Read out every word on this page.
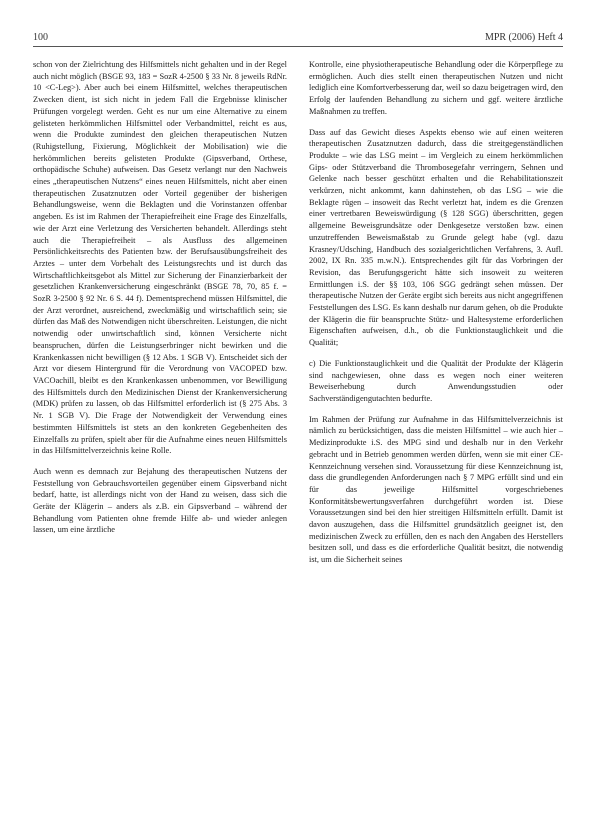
100	MPR (2006) Heft 4

schon von der Zielrichtung des Hilfsmittels nicht gehalten und in der Regel auch nicht möglich (BSGE 93, 183 = SozR 4-2500 § 33 Nr. 8 jeweils RdNr. 10 <C-Leg>). Aber auch bei einem Hilfsmittel, welches therapeutischen Zwecken dient, ist sich nicht in jedem Fall die Ergebnisse klinischer Prüfungen vorgelegt werden. Geht es nur um eine Alternative zu einem gelisteten herkömmlichen Hilfsmittel oder Verbandmittel, reicht es aus, wenn die Produkte zumindest den gleichen therapeutischen Nutzen (Ruhigstellung, Fixierung, Möglichkeit der Mobilisation) wie die herkömmlichen bereits gelisteten Produkte (Gipsverband, Orthese, orthopädische Schuhe) aufweisen. Das Gesetz verlangt nur den Nachweis eines „therapeutischen Nutzens“ eines neuen Hilfsmittels, nicht aber einen therapeutischen Zusatznutzen oder Vorteil gegenüber der bisherigen Behandlungsweise, wenn die Beklagten und die Vorinstanzen offenbar angeben. Es ist im Rahmen der Therapiefreiheit eine Frage des Einzelfalls, wie der Arzt eine Verletzung des Versicherten behandelt. Allerdings steht auch die Therapiefreiheit – als Ausfluss des allgemeinen Persönlichkeitsrechts des Patienten bzw. der Berufsausübungsfreiheit des Arztes – unter dem Vorbehalt des Leistungsrechts und ist durch das Wirtschaftlichkeitsgebot als Mittel zur Sicherung der Finanzierbarkeit der gesetzlichen Krankenversicherung eingeschränkt (BSGE 78, 70, 85 f. = SozR 3-2500 § 92 Nr. 6 S. 44 f). Dementsprechend müssen Hilfsmittel, die der Arzt verordnet, ausreichend, zweckmäßig und wirtschaftlich sein; sie dürfen das Maß des Notwendigen nicht überschreiten. Leistungen, die nicht notwendig oder unwirtschaftlich sind, können Versicherte nicht beanspruchen, dürfen die Leistungserbringer nicht bewirken und die Krankenkassen nicht bewilligen (§ 12 Abs. 1 SGB V). Entscheidet sich der Arzt vor diesem Hintergrund für die Verordnung von VACOPED bzw. VACOachill, bleibt es den Krankenkassen unbenommen, vor Bewilligung des Hilfsmittels durch den Medizinischen Dienst der Krankenversicherung (MDK) prüfen zu lassen, ob das Hilfsmittel erforderlich ist (§ 275 Abs. 3 Nr. 1 SGB V). Die Frage der Notwendigkeit der Verwendung eines bestimmten Hilfsmittels ist stets an den konkreten Gegebenheiten des Einzelfalls zu prüfen, spielt aber für die Aufnahme eines neuen Hilfsmittels in das Hilfsmittelverzeichnis keine Rolle.

Auch wenn es demnach zur Bejahung des therapeutischen Nutzens der Feststellung von Gebrauchsvorteilen gegenüber einem Gipsverband nicht bedarf, hatte, ist allerdings nicht von der Hand zu weisen, dass sich die Geräte der Klägerin – anders als z.B. ein Gipsverband – während der Behandlung vom Patienten ohne fremde Hilfe ab- und wieder anlegen lassen, um eine ärztliche

Kontrolle, eine physiotherapeutische Behandlung oder die Körperpflege zu ermöglichen. Auch dies stellt einen therapeutischen Nutzen und nicht lediglich eine Komfortverbesserung dar, weil so dazu beigetragen wird, den Erfolg der laufenden Behandlung zu sichern und ggf. weitere ärztliche Maßnahmen zu treffen.

Dass auf das Gewicht dieses Aspekts ebenso wie auf einen weiteren therapeutischen Zusatznutzen dadurch, dass die streitgegenständlichen Produkte – wie das LSG meint – im Vergleich zu einem herkömmlichen Gips- oder Stützverband die Thrombosegefahr verringern, Sehnen und Gelenke nach besser geschützt erhalten und die Rehabilitationszeit verkürzen, nicht ankommt, kann dahinstehen, ob das LSG – wie die Beklagte rügen – insoweit das Recht verletzt hat, indem es die Grenzen einer vertretbaren Beweiswürdigung (§ 128 SGG) überschritten, gegen allgemeine Beweisgrundsätze oder Denkgesetze verstoßen bzw. einen unzutreffenden Beweismaßstab zu Grunde gelegt habe (vgl. dazu Krasney/Udsching, Handbuch des sozialgerichtlichen Verfahrens, 3. Aufl. 2002, IX Rn. 335 m.w.N.). Entsprechendes gilt für das Vorbringen der Revision, das Berufungsgericht hätte sich insoweit zu weiteren Ermittlungen i.S. der §§ 103, 106 SGG gedrängt sehen müssen. Der therapeutische Nutzen der Geräte ergibt sich bereits aus nicht angegriffenen Feststellungen des LSG. Es kann deshalb nur darum gehen, ob die Produkte der Klägerin die für beanspruchte Stütz- und Haltesysteme erforderlichen Eigenschaften aufweisen, d.h., ob die Funktionstauglichkeit und die Qualität;

c) Die Funktionstauglichkeit und die Qualität der Produkte der Klägerin sind nachgewiesen, ohne dass es wegen noch einer weiteren Beweiserhebung durch Anwendungsstudien oder Sachverständigengutachten bedurfte.

Im Rahmen der Prüfung zur Aufnahme in das Hilfsmittelverzeichnis ist nämlich zu berücksichtigen, dass die meisten Hilfsmittel – wie auch hier – Medizinprodukte i.S. des MPG sind und deshalb nur in den Verkehr gebracht und in Betrieb genommen werden dürfen, wenn sie mit einer CE-Kennzeichnung versehen sind. Voraussetzung für diese Kennzeichnung ist, dass die grundlegenden Anforderungen nach § 7 MPG erfüllt sind und ein für das jeweilige Hilfsmittel vorgeschriebenes Konformitätsbewertungsverfahren durchgeführt worden ist. Diese Voraussetzungen sind bei den hier streitigen Hilfsmitteln erfüllt. Damit ist davon auszugehen, dass die Hilfsmittel grundsätzlich geeignet ist, den medizinischen Zweck zu erfüllen, den es nach den Angaben des Herstellers besitzen soll, und dass es die erforderliche Qualität besitzt, die notwendig ist, um die Sicherheit seines
